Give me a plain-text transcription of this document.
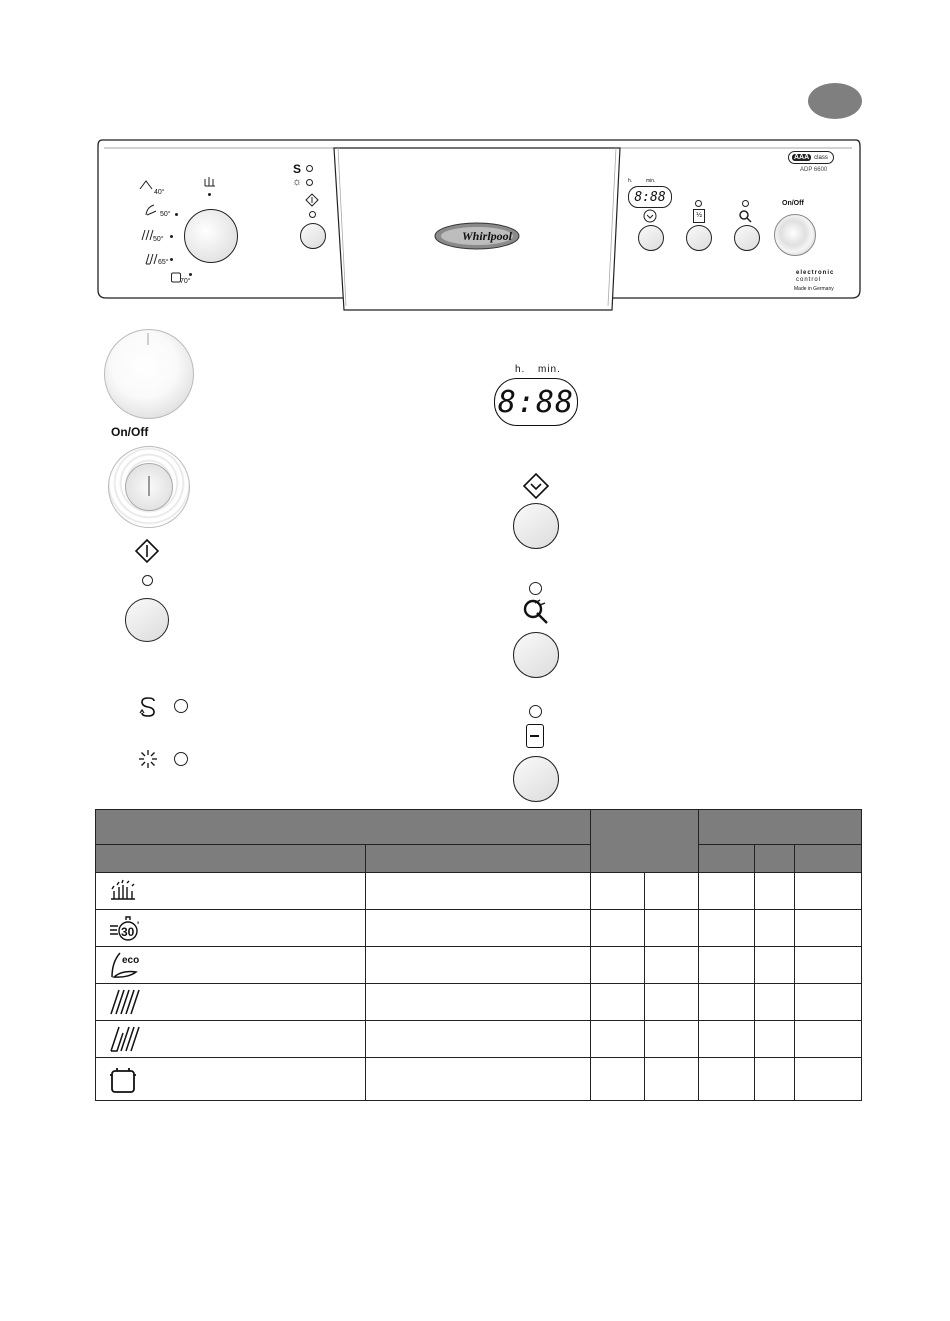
40°
50°
50°
65°
70°
S
☼
Whirlpool
h.	min.
8:88
½
AAA class
ADP 6600
On/Off
electronic
control
Made in Germany
On/Off
h. min.
8:88

30 '						

eco						
